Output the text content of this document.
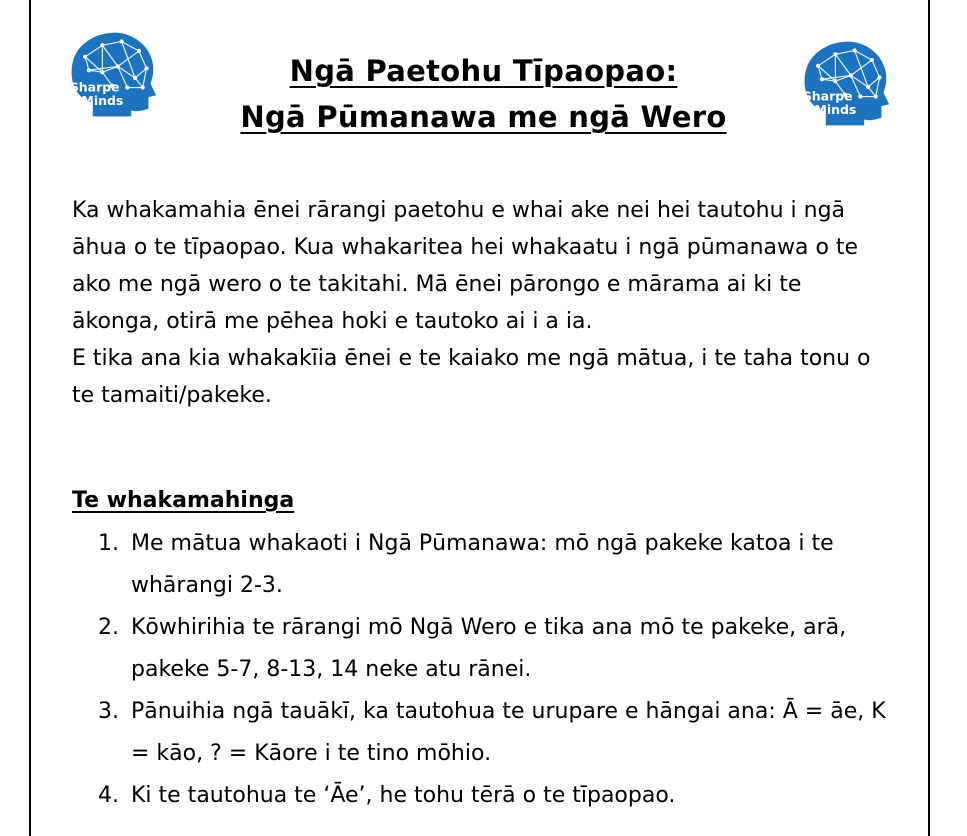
Sharpe
Minds	Sharpe
Minds
Ngā Paetohu Tīpaopao:
Ngā Pūmanawa me ngā Wero

Ka whakamahia ēnei rārangi paetohu e whai ake nei hei tautohu i ngā āhua o te tīpaopao. Kua whakaritea hei whakaatu i ngā pūmanawa o te ako me ngā wero o te takitahi. Mā ēnei pārongo e mārama ai ki te ākonga, otirā me pēhea hoki e tautoko ai i a ia.

E tika ana kia whakakīia ēnei e te kaiako me ngā mātua, i te taha tonu o te tamaiti/pakeke.

Te whakamahinga
1. Me mātua whakaoti i Ngā Pūmanawa: mō ngā pakeke katoa i te whārangi 2-3.
2. Kōwhirihia te rārangi mō Ngā Wero e tika ana mō te pakeke, arā, pakeke 5-7, 8-13, 14 neke atu rānei.
3. Pānuihia ngā tauākī, ka tautohua te urupare e hāngai ana: Ā = āe, K = kāo, ? = Kāore i te tino mōhio.
4. Ki te tautohua te ‘Āe’, he tohu tērā o te tīpaopao.
